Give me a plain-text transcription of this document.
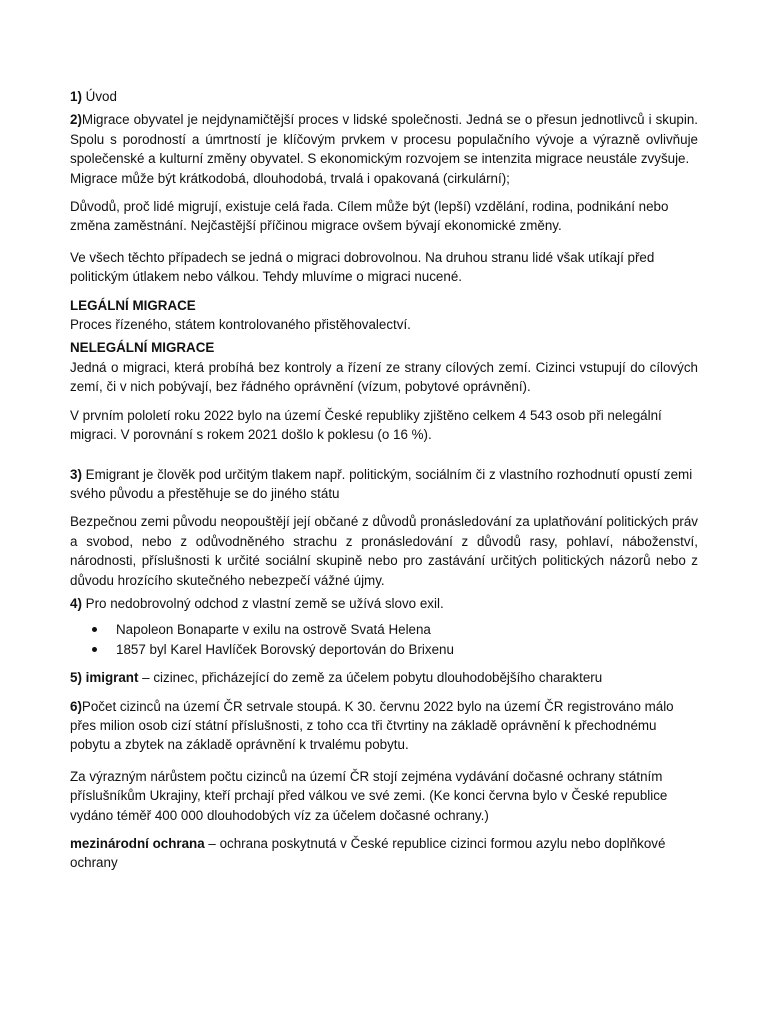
1) Úvod

2)Migrace obyvatel je nejdynamičtější proces v lidské společnosti. Jedná se o přesun jednotlivců i skupin. Spolu s porodností a úmrtností je klíčovým prvkem v procesu populačního vývoje a výrazně ovlivňuje společenské a kulturní změny obyvatel. S ekonomickým rozvojem se intenzita migrace neustále zvyšuje.

Migrace může být krátkodobá, dlouhodobá, trvalá i opakovaná (cirkulární);

Důvodů, proč lidé migrují, existuje celá řada. Cílem může být (lepší) vzdělání, rodina, podnikání nebo změna zaměstnání. Nejčastější příčinou migrace ovšem bývají ekonomické změny.

Ve všech těchto případech se jedná o migraci dobrovolnou. Na druhou stranu lidé však utíkají před politickým útlakem nebo válkou. Tehdy mluvíme o migraci nucené.

LEGÁLNÍ MIGRACE

Proces řízeného, státem kontrolovaného přistěhovalectví.

NELEGÁLNÍ MIGRACE

Jedná o migraci, která probíhá bez kontroly a řízení ze strany cílových zemí. Cizinci vstupují do cílových zemí, či v nich pobývají, bez řádného oprávnění (vízum, pobytové oprávnění).

V prvním pololetí roku 2022 bylo na území České republiky zjištěno celkem 4 543 osob při nelegální migraci. V porovnání s rokem 2021 došlo k poklesu (o 16 %).

3) Emigrant je člověk pod určitým tlakem např. politickým, sociálním či z vlastního rozhodnutí opustí zemi svého původu a přestěhuje se do jiného státu

Bezpečnou zemi původu neopouštějí její občané z důvodů pronásledování za uplatňování politických práv a svobod, nebo z odůvodněného strachu z pronásledování z důvodů rasy, pohlaví, náboženství, národnosti, příslušnosti k určité sociální skupině nebo pro zastávání určitých politických názorů nebo z důvodu hrozícího skutečného nebezpečí vážné újmy.

4) Pro nedobrovolný odchod z vlastní země se užívá slovo exil.

Napoleon Bonaparte v exilu na ostrově Svatá Helena
1857 byl Karel Havlíček Borovský deportován do Brixenu

5) imigrant – cizinec, přicházející do země za účelem pobytu dlouhodobějšího charakteru

6)Počet cizinců na území ČR setrvale stoupá. K 30. červnu 2022 bylo na území ČR registrováno málo přes milion osob cizí státní příslušnosti, z toho cca tři čtvrtiny na základě oprávnění k přechodnému pobytu a zbytek na základě oprávnění k trvalému pobytu.

Za výrazným nárůstem počtu cizinců na území ČR stojí zejména vydávání dočasné ochrany státním příslušníkům Ukrajiny, kteří prchají před válkou ve své zemi. (Ke konci června bylo v České republice vydáno téměř 400 000 dlouhodobých víz za účelem dočasné ochrany.)

mezinárodní ochrana – ochrana poskytnutá v České republice cizinci formou azylu nebo doplňkové ochrany
